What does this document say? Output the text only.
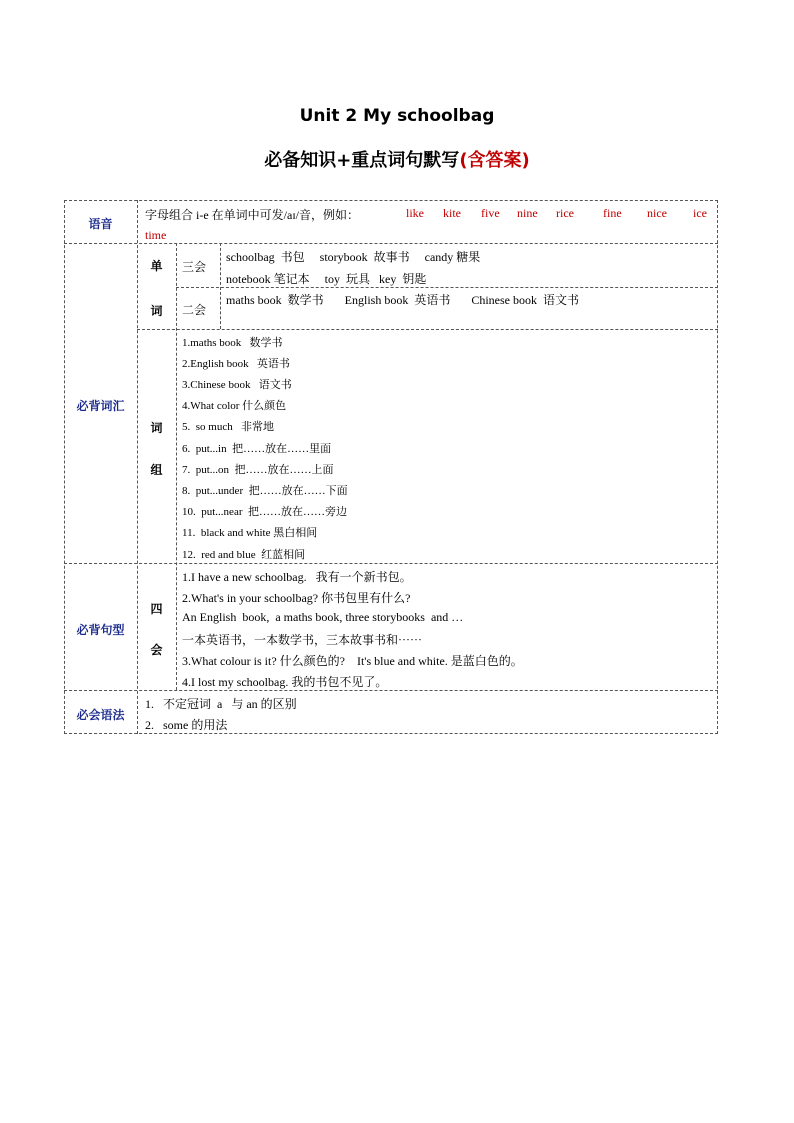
Unit 2 My schoolbag
必备知识+重点词句默写(含答案)
语音
字母组合 i-e 在单词中可发/aɪ/音，例如：	like kite five nine rice fine nice ice
time
必背词汇
单
词
三会
schoolbag  书包     storybook  故事书     candy 糖果
notebook 笔记本     toy  玩具   key  钥匙
二会
maths book  数学书       English book  英语书       Chinese book  语文书
词
组
1.maths book   数学书
2.English book   英语书
3.Chinese book   语文书
4.What color 什么颜色
5.  so much   非常地
6.  put...in  把……放在……里面
7.  put...on  把……放在……上面
8.  put...under  把……放在……下面
10.  put...near  把……放在……旁边
11.  black and white 黑白相间
12.  red and blue  红蓝相间
必背句型
四
会
1.I have a new schoolbag.   我有一个新书包。
2.What's in your schoolbag? 你书包里有什么?
An English  book,  a maths book, three storybooks  and …
一本英语书，一本数学书，三本故事书和⋯⋯
3.What colour is it? 什么颜色的?    It's blue and white. 是蓝白色的。
4.I lost my schoolbag. 我的书包不见了。
必会语法
1.   不定冠词  a   与 an 的区别
2.   some 的用法
